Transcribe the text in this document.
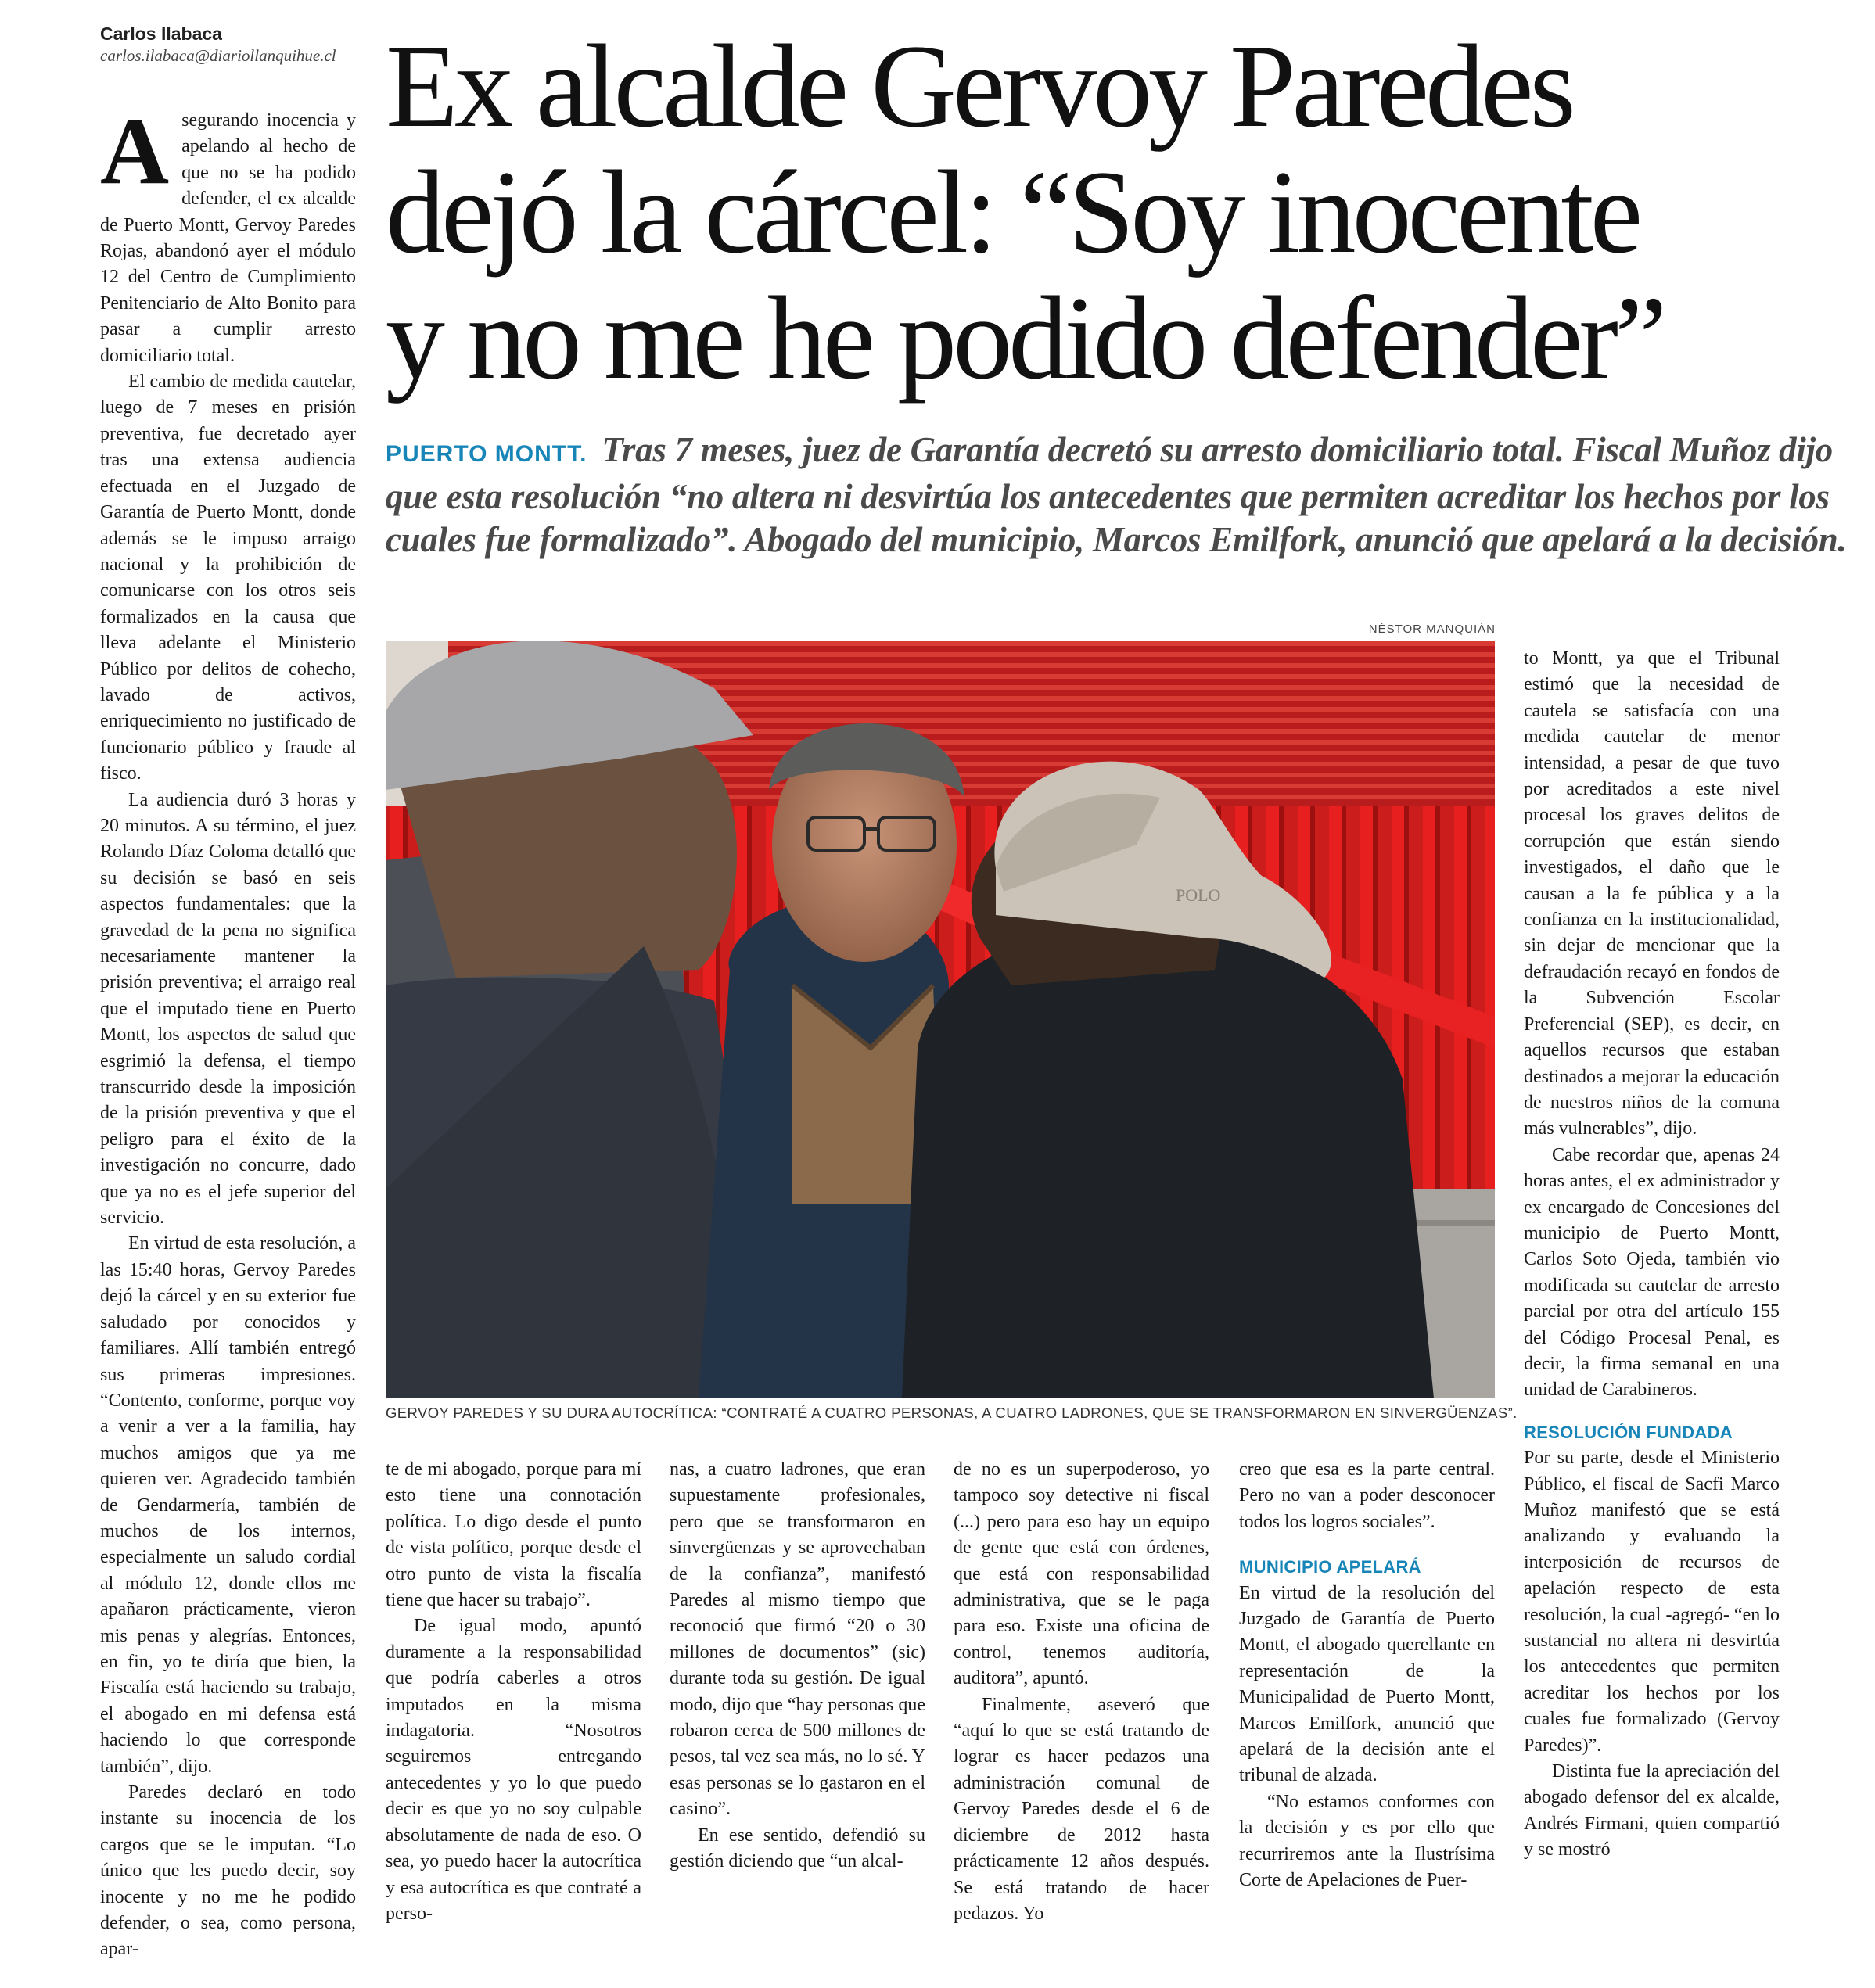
Carlos Ilabaca
carlos.ilabaca@diariollanquihue.cl Ex alcalde Gervoy Paredes
dejó la cárcel: “Soy inocente
y no me he podido defender”
PUERTO MONTT. Tras 7 meses, juez de Garantía decretó su arresto domiciliario total. Fiscal Muñoz dijo que esta resolución “no altera ni desvirtúa los antecedentes que permiten acreditar los hechos por los cuales fue formalizado”. Abogado del municipio, Marcos Emilfork, anunció que apelará a la decisión.
NÉSTOR MANQUIÁN
POLO
GERVOY PAREDES Y SU DURA AUTOCRÍTICA: “CONTRATÉ A CUATRO PERSONAS, A CUATRO LADRONES, QUE SE TRANSFORMARON EN SINVERGÜENZAS”.
A segurando inocencia y apelando al hecho de que no se ha podido defender, el ex alcalde de Puerto Montt, Gervoy Paredes Rojas, abandonó ayer el módulo 12 del Centro de Cumplimiento Penitenciario de Alto Bonito para pasar a cumplir arresto domiciliario total.

El cambio de medida cautelar, luego de 7 meses en prisión preventiva, fue decretado ayer tras una extensa audiencia efectuada en el Juzgado de Garantía de Puerto Montt, donde además se le impuso arraigo nacional y la prohibición de comunicarse con los otros seis formalizados en la causa que lleva adelante el Ministerio Público por delitos de cohecho, lavado de activos, enriquecimiento no justificado de funcionario público y fraude al fisco.

La audiencia duró 3 horas y 20 minutos. A su término, el juez Rolando Díaz Coloma detalló que su decisión se basó en seis aspectos fundamentales: que la gravedad de la pena no significa necesariamente mantener la prisión preventiva; el arraigo real que el imputado tiene en Puerto Montt, los aspectos de salud que esgrimió la defensa, el tiempo transcurrido desde la imposición de la prisión preventiva y que el peligro para el éxito de la investigación no concurre, dado que ya no es el jefe superior del servicio.

En virtud de esta resolución, a las 15:40 horas, Gervoy Paredes dejó la cárcel y en su exterior fue saludado por conocidos y familiares. Allí también entregó sus primeras impresiones. “Contento, conforme, porque voy a venir a ver a la familia, hay muchos amigos que ya me quieren ver. Agradecido también de Gendarmería, también de muchos de los internos, especialmente un saludo cordial al módulo 12, donde ellos me apañaron prácticamente, vieron mis penas y alegrías. Entonces, en fin, yo te diría que bien, la Fiscalía está haciendo su trabajo, el abogado en mi defensa está haciendo lo que corresponde también”, dijo.

Paredes declaró en todo instante su inocencia de los cargos que se le imputan. “Lo único que les puedo decir, soy inocente y no me he podido defender, o sea, como persona, apar-

te de mi abogado, porque para mí esto tiene una connotación política. Lo digo desde el punto de vista político, porque desde el otro punto de vista la fiscalía tiene que hacer su trabajo”.

De igual modo, apuntó duramente a la responsabilidad que podría caberles a otros imputados en la misma indagatoria. “Nosotros seguiremos entregando antecedentes y yo lo que puedo decir es que yo no soy culpable absolutamente de nada de eso. O sea, yo puedo hacer la autocrítica y esa autocrítica es que contraté a perso-

nas, a cuatro ladrones, que eran supuestamente profesionales, pero que se transformaron en sinvergüenzas y se aprovechaban de la confianza”, manifestó Paredes al mismo tiempo que reconoció que firmó “20 o 30 millones de documentos” (sic) durante toda su gestión. De igual modo, dijo que “hay personas que robaron cerca de 500 millones de pesos, tal vez sea más, no lo sé. Y esas personas se lo gastaron en el casino”.

En ese sentido, defendió su gestión diciendo que “un alcal-

de no es un superpoderoso, yo tampoco soy detective ni fiscal (...) pero para eso hay un equipo de gente que está con órdenes, que está con responsabilidad administrativa, que se le paga para eso. Existe una oficina de control, tenemos auditoría, auditora”, apuntó.

Finalmente, aseveró que “aquí lo que se está tratando de lograr es hacer pedazos una administración comunal de Gervoy Paredes desde el 6 de diciembre de 2012 hasta prácticamente 12 años después. Se está tratando de hacer pedazos. Yo

creo que esa es la parte central. Pero no van a poder desconocer todos los logros sociales”.

MUNICIPIO APELARÁ

En virtud de la resolución del Juzgado de Garantía de Puerto Montt, el abogado querellante en representación de la Municipalidad de Puerto Montt, Marcos Emilfork, anunció que apelará de la decisión ante el tribunal de alzada.

“No estamos conformes con la decisión y es por ello que recurriremos ante la Ilustrísima Corte de Apelaciones de Puer-

to Montt, ya que el Tribunal estimó que la necesidad de cautela se satisfacía con una medida cautelar de menor intensidad, a pesar de que tuvo por acreditados a este nivel procesal los graves delitos de corrupción que están siendo investigados, el daño que le causan a la fe pública y a la confianza en la institucionalidad, sin dejar de mencionar que la defraudación recayó en fondos de la Subvención Escolar Preferencial (SEP), es decir, en aquellos recursos que estaban destinados a mejorar la educación de nuestros niños de la comuna más vulnerables”, dijo.

Cabe recordar que, apenas 24 horas antes, el ex administrador y ex encargado de Concesiones del municipio de Puerto Montt, Carlos Soto Ojeda, también vio modificada su cautelar de arresto parcial por otra del artículo 155 del Código Procesal Penal, es decir, la firma semanal en una unidad de Carabineros.

RESOLUCIÓN FUNDADA

Por su parte, desde el Ministerio Público, el fiscal de Sacfi Marco Muñoz manifestó que se está analizando y evaluando la interposición de recursos de apelación respecto de esta resolución, la cual -agregó- “en lo sustancial no altera ni desvirtúa los antecedentes que permiten acreditar los hechos por los cuales fue formalizado (Gervoy Paredes)”.

Distinta fue la apreciación del abogado defensor del ex alcalde, Andrés Firmani, quien compartió y se mostró
